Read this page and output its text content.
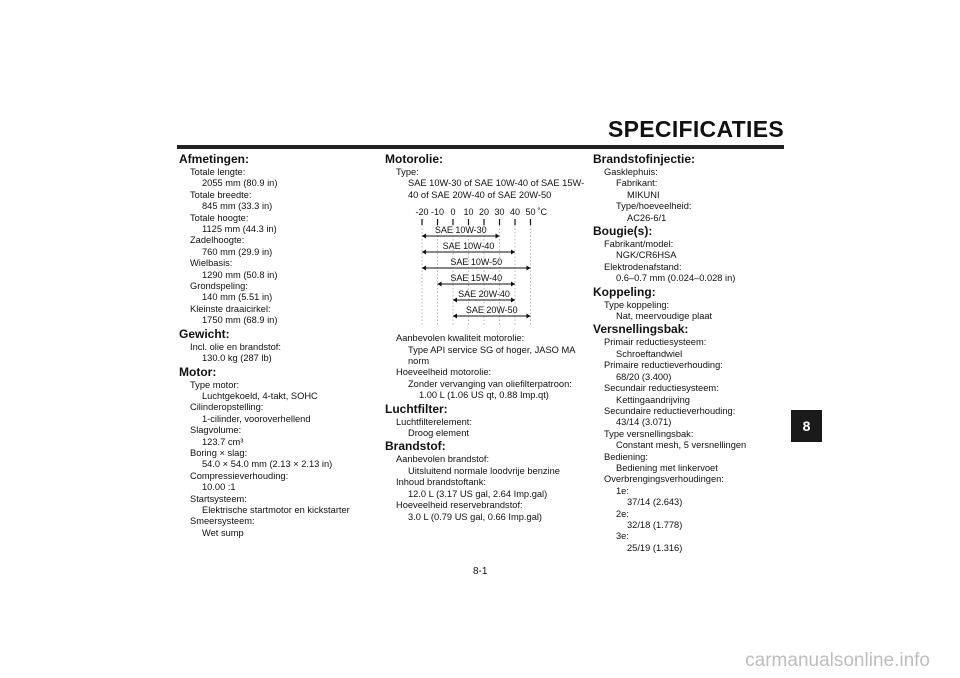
SPECIFICATIES
Afmetingen:
Totale lengte:
2055 mm (80.9 in)
Totale breedte:
845 mm (33.3 in)
Totale hoogte:
1125 mm (44.3 in)
Zadelhoogte:
760 mm (29.9 in)
Wielbasis:
1290 mm (50.8 in)
Grondspeling:
140 mm (5.51 in)
Kleinste draaicirkel:
1750 mm (68.9 in)
Gewicht:
Incl. olie en brandstof:
130.0 kg (287 lb)
Motor:
Type motor:
Luchtgekoeld, 4-takt, SOHC
Cilinderopstelling:
1-cilinder, vooroverhellend
Slagvolume:
123.7 cm³
Boring × slag:
54.0 × 54.0 mm (2.13 × 2.13 in)
Compressieverhouding:
10.00 :1
Startsysteem:
Elektrische startmotor en kickstarter
Smeersysteem:
Wet sump
Motorolie:
Type:
SAE 10W-30 of SAE 10W-40 of SAE 15W-40 of SAE 20W-40 of SAE 20W-50
-20 -10 0 10 20 30 40 50 ˚C
SAE 10W-30
SAE 10W-40
SAE 10W-50
SAE 15W-40
SAE 20W-40
SAE 20W-50
Aanbevolen kwaliteit motorolie:
Type API service SG of hoger, JASO MA norm
Hoeveelheid motorolie:
Zonder vervanging van oliefilterpatroon:
1.00 L (1.06 US qt, 0.88 Imp.qt)
Luchtfilter:
Luchtfilterelement:
Droog element
Brandstof:
Aanbevolen brandstof:
Uitsluitend normale loodvrije benzine
Inhoud brandstoftank:
12.0 L (3.17 US gal, 2.64 Imp.gal)
Hoeveelheid reservebrandstof:
3.0 L (0.79 US gal, 0.66 Imp.gal)
Brandstofinjectie:
Gasklephuis:
Fabrikant:
MIKUNI
Type/hoeveelheid:
AC26-6/1
Bougie(s):
Fabrikant/model:
NGK/CR6HSA
Elektrodenafstand:
0.6–0.7 mm (0.024–0.028 in)
Koppeling:
Type koppeling:
Nat, meervoudige plaat
Versnellingsbak:
Primair reductiesysteem:
Schroeftandwiel
Primaire reductieverhouding:
68/20 (3.400)
Secundair reductiesysteem:
Kettingaandrijving
Secundaire reductieverhouding:
43/14 (3.071)
Type versnellingsbak:
Constant mesh, 5 versnellingen
Bediening:
Bediening met linkervoet
Overbrengingsverhoudingen:
1e:
37/14 (2.643)
2e:
32/18 (1.778)
3e:
25/19 (1.316)
8
8-1
carmanualsonline.info
